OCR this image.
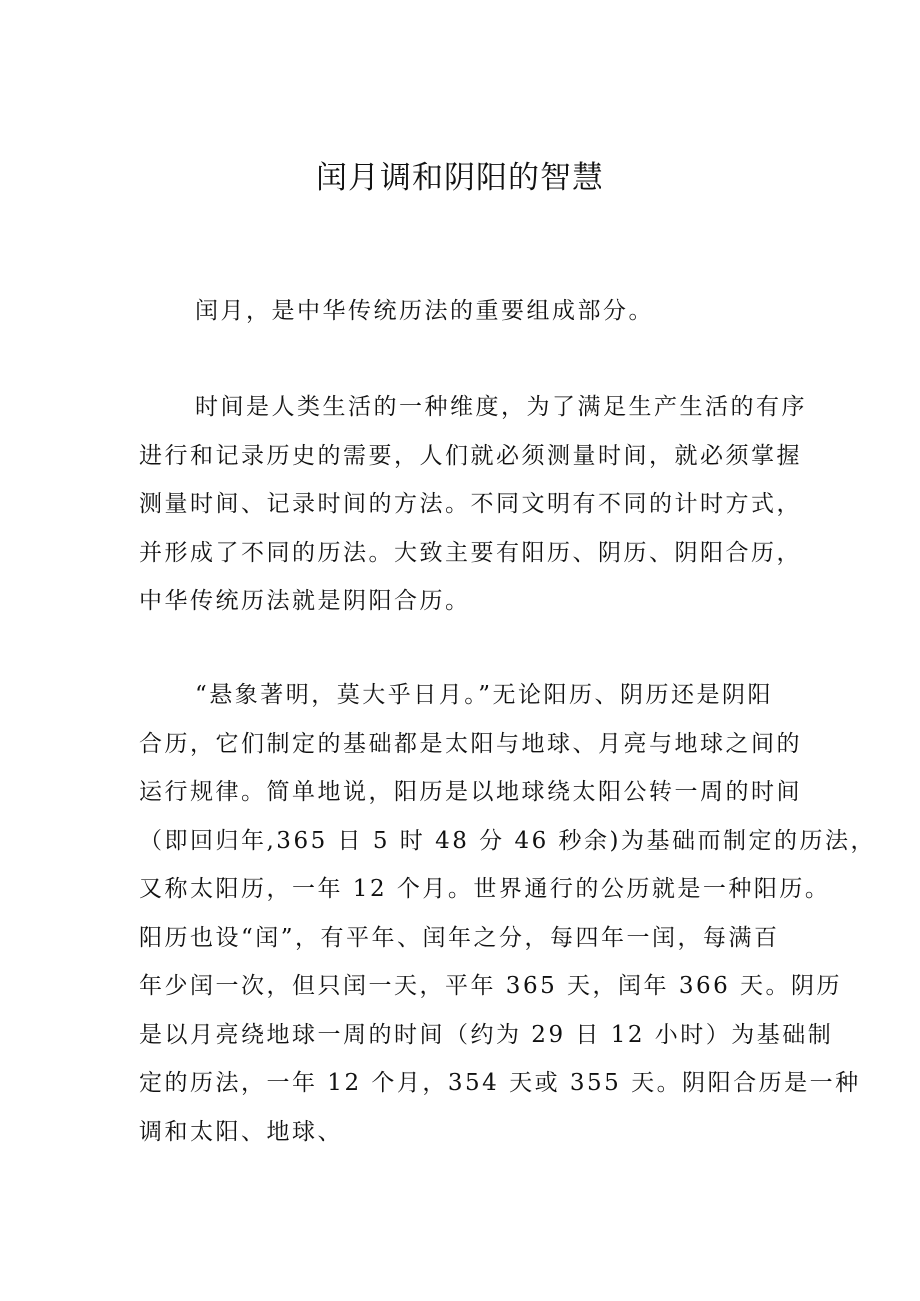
闰月调和阴阳的智慧
闰月，是中华传统历法的重要组成部分。
时间是人类生活的一种维度，为了满足生产生活的有序
进行和记录历史的需要，人们就必须测量时间，就必须掌握
测量时间、记录时间的方法。不同文明有不同的计时方式，
并形成了不同的历法。大致主要有阳历、阴历、阴阳合历，
中华传统历法就是阴阳合历。
“悬象著明，莫大乎日月。”无论阳历、阴历还是阴阳
合历，它们制定的基础都是太阳与地球、月亮与地球之间的
运行规律。简单地说，阳历是以地球绕太阳公转一周的时间
（即回归年,365 日 5 时 48 分 46 秒余)为基础而制定的历法，
又称太阳历，一年 12 个月。世界通行的公历就是一种阳历。
阳历也设“闰”，有平年、闰年之分，每四年一闰，每满百
年少闰一次，但只闰一天，平年 365 天，闰年 366 天。阴历
是以月亮绕地球一周的时间（约为 29 日 12 小时）为基础制
定的历法，一年 12 个月，354 天或 355 天。阴阳合历是一种
调和太阳、地球、
